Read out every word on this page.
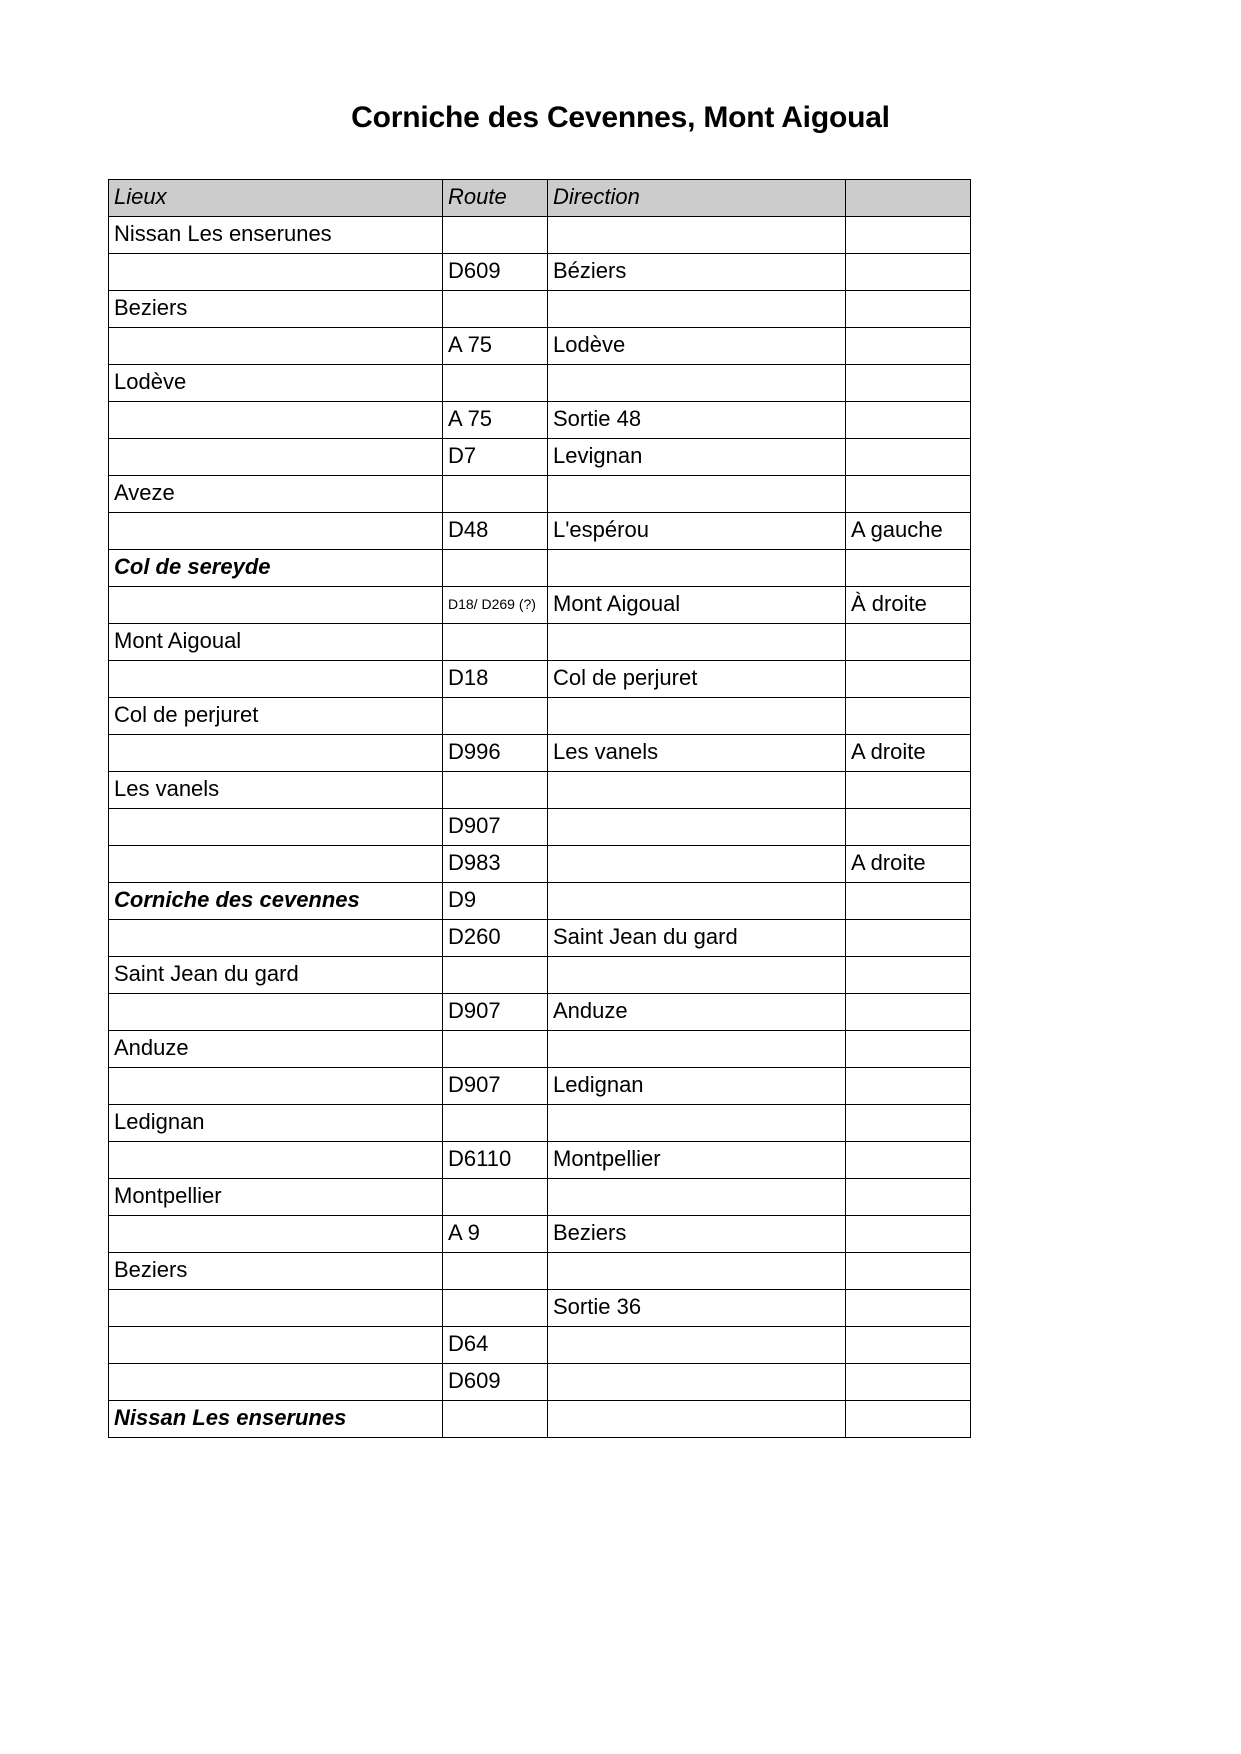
Corniche des Cevennes, Mont Aigoual
Lieux	Route	Direction	
Nissan Les enserunes			
	D609	Béziers	
Beziers			
	A 75	Lodève	
Lodève			
	A 75	Sortie 48	
	D7	Levignan	
Aveze			
	D48	L'espérou	A gauche
Col de sereyde			
	D18/ D269 (?)	Mont Aigoual	À droite
Mont Aigoual			
	D18	Col de perjuret	
Col de perjuret			
	D996	Les vanels	A droite
Les vanels			
	D907		
	D983		A droite
Corniche des cevennes	D9		
	D260	Saint Jean du gard	
Saint Jean du gard			
	D907	Anduze	
Anduze			
	D907	Ledignan	
Ledignan			
	D6110	Montpellier	
Montpellier			
	A 9	Beziers	
Beziers			
		Sortie 36	
	D64		
	D609		
Nissan Les enserunes			
